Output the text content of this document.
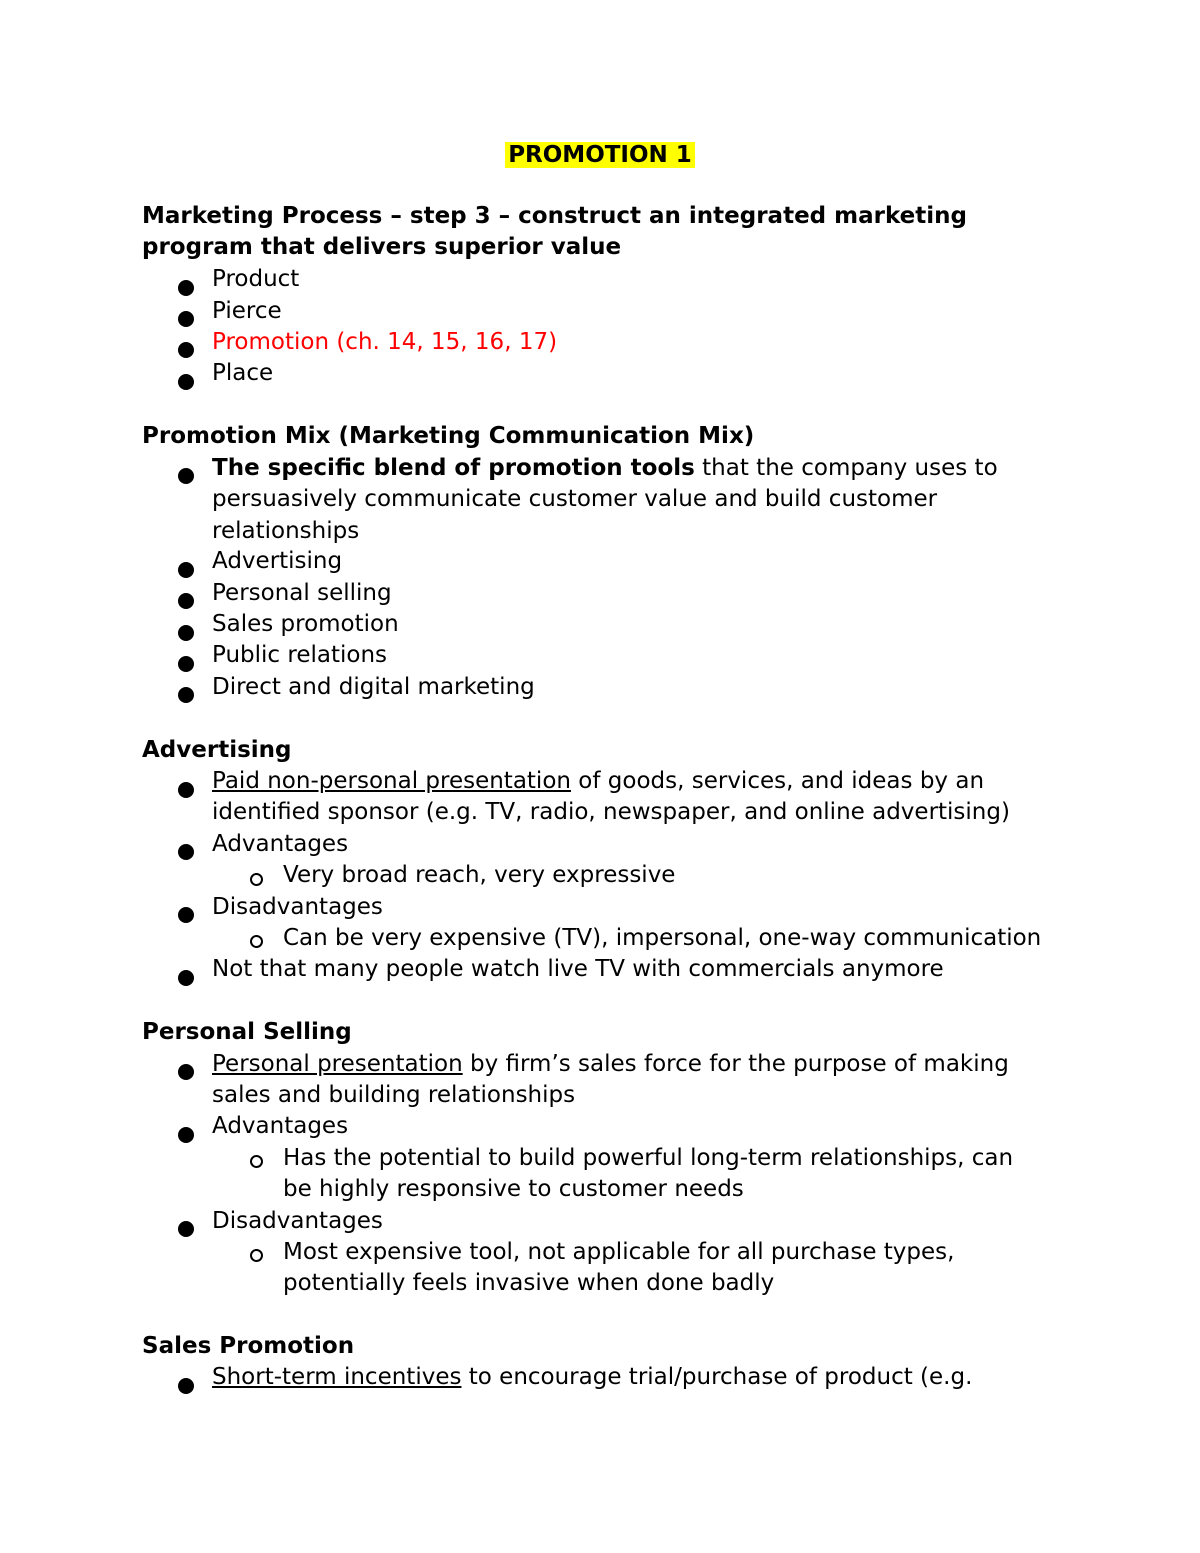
PROMOTION 1
Marketing Process – step 3 – construct an integrated marketing program that delivers superior value
Product
Pierce
Promotion (ch. 14, 15, 16, 17)
Place
Promotion Mix (Marketing Communication Mix)
The specific blend of promotion tools that the company uses to persuasively communicate customer value and build customer relationships
Advertising
Personal selling
Sales promotion
Public relations
Direct and digital marketing
Advertising
Paid non-personal presentation of goods, services, and ideas by an identified sponsor (e.g. TV, radio, newspaper, and online advertising)
Advantages
Very broad reach, very expressive
Disadvantages
Can be very expensive (TV), impersonal, one-way communication
Not that many people watch live TV with commercials anymore
Personal Selling
Personal presentation by firm’s sales force for the purpose of making sales and building relationships
Advantages
Has the potential to build powerful long-term relationships, can be highly responsive to customer needs
Disadvantages
Most expensive tool, not applicable for all purchase types, potentially feels invasive when done badly
Sales Promotion
Short-term incentives to encourage trial/purchase of product (e.g.
